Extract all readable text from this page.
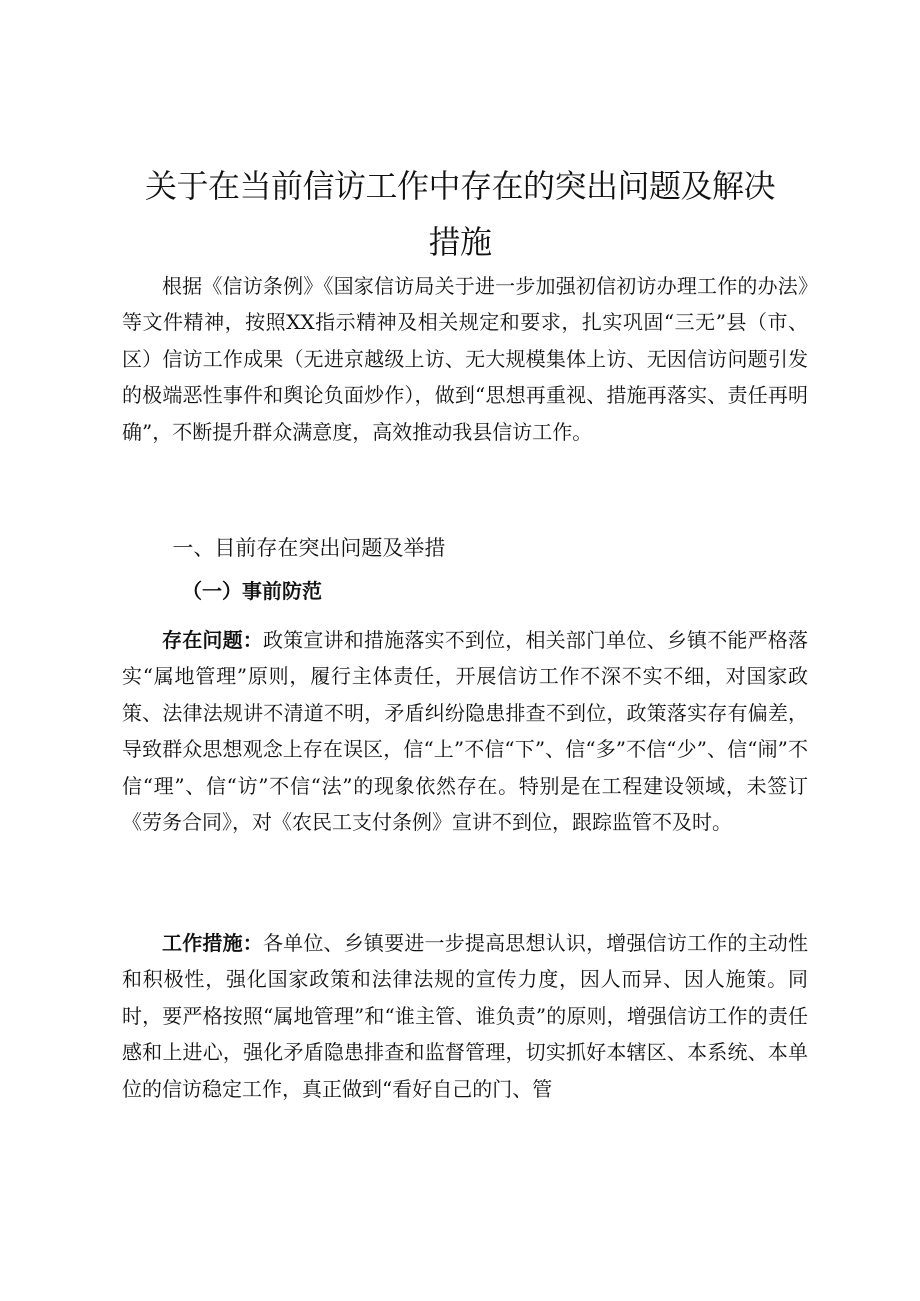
关于在当前信访工作中存在的突出问题及解决
措施

根据《信访条例》《国家信访局关于进一步加强初信初访办理工作的办法》等文件精神，按照XX指示精神及相关规定和要求，扎实巩固“三无”县（市、区）信访工作成果（无进京越级上访、无大规模集体上访、无因信访问题引发的极端恶性事件和舆论负面炒作），做到“思想再重视、措施再落实、责任再明确”，不断提升群众满意度，高效推动我县信访工作。

一、目前存在突出问题及举措
（一）事前防范

存在问题：政策宣讲和措施落实不到位，相关部门单位、乡镇不能严格落实“属地管理”原则，履行主体责任，开展信访工作不深不实不细，对国家政策、法律法规讲不清道不明，矛盾纠纷隐患排查不到位，政策落实存有偏差，导致群众思想观念上存在误区，信“上”不信“下”、信“多”不信“少”、信“闹”不信“理”、信“访”不信“法”的现象依然存在。特别是在工程建设领域，未签订《劳务合同》，对《农民工支付条例》宣讲不到位，跟踪监管不及时。

工作措施：各单位、乡镇要进一步提高思想认识，增强信访工作的主动性和积极性，强化国家政策和法律法规的宣传力度，因人而异、因人施策。同时，要严格按照“属地管理”和“谁主管、谁负责”的原则，增强信访工作的责任感和上进心，强化矛盾隐患排查和监督管理，切实抓好本辖区、本系统、本单位的信访稳定工作，真正做到“看好自己的门、管
